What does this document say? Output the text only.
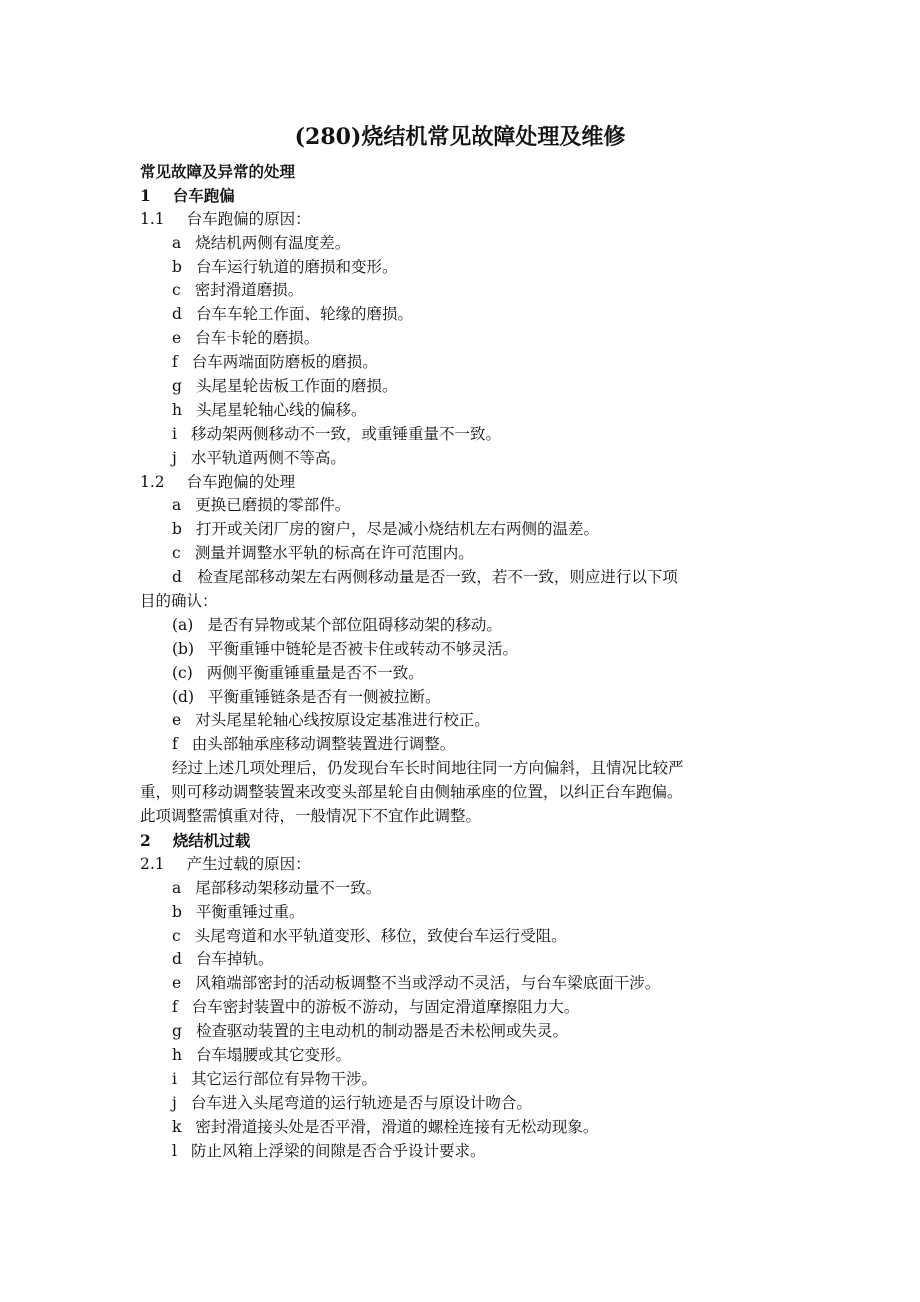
(280)烧结机常见故障处理及维修
常见故障及异常的处理
1 台车跑偏
1.1 台车跑偏的原因：
a 烧结机两侧有温度差。
b 台车运行轨道的磨损和变形。
c 密封滑道磨损。
d 台车车轮工作面、轮缘的磨损。
e 台车卡轮的磨损。
f 台车两端面防磨板的磨损。
g 头尾星轮齿板工作面的磨损。
h 头尾星轮轴心线的偏移。
i 移动架两侧移动不一致，或重锤重量不一致。
j 水平轨道两侧不等高。
1.2 台车跑偏的处理
a 更换已磨损的零部件。
b 打开或关闭厂房的窗户，尽是减小烧结机左右两侧的温差。
c 测量并调整水平轨的标高在许可范围内。
d　检查尾部移动架左右两侧移动量是否一致，若不一致，则应进行以下项
目的确认：
(a) 是否有异物或某个部位阻碍移动架的移动。
(b) 平衡重锤中链轮是否被卡住或转动不够灵活。
(c) 两侧平衡重锤重量是否不一致。
(d) 平衡重锤链条是否有一侧被拉断。
e 对头尾星轮轴心线按原设定基准进行校正。
f 由头部轴承座移动调整装置进行调整。
经过上述几项处理后，仍发现台车长时间地往同一方向偏斜，且情况比较严
重，则可移动调整装置来改变头部星轮自由侧轴承座的位置，以纠正台车跑偏。
此项调整需慎重对待，一般情况下不宜作此调整。
2 烧结机过载
2.1 产生过载的原因：
a 尾部移动架移动量不一致。
b 平衡重锤过重。
c 头尾弯道和水平轨道变形、移位，致使台车运行受阻。
d 台车掉轨。
e 风箱端部密封的活动板调整不当或浮动不灵活，与台车梁底面干涉。
f 台车密封装置中的游板不游动，与固定滑道摩擦阻力大。
g 检查驱动装置的主电动机的制动器是否未松闸或失灵。
h 台车塌腰或其它变形。
i 其它运行部位有异物干涉。
j 台车进入头尾弯道的运行轨迹是否与原设计吻合。
k 密封滑道接头处是否平滑，滑道的螺栓连接有无松动现象。
l 防止风箱上浮梁的间隙是否合乎设计要求。
